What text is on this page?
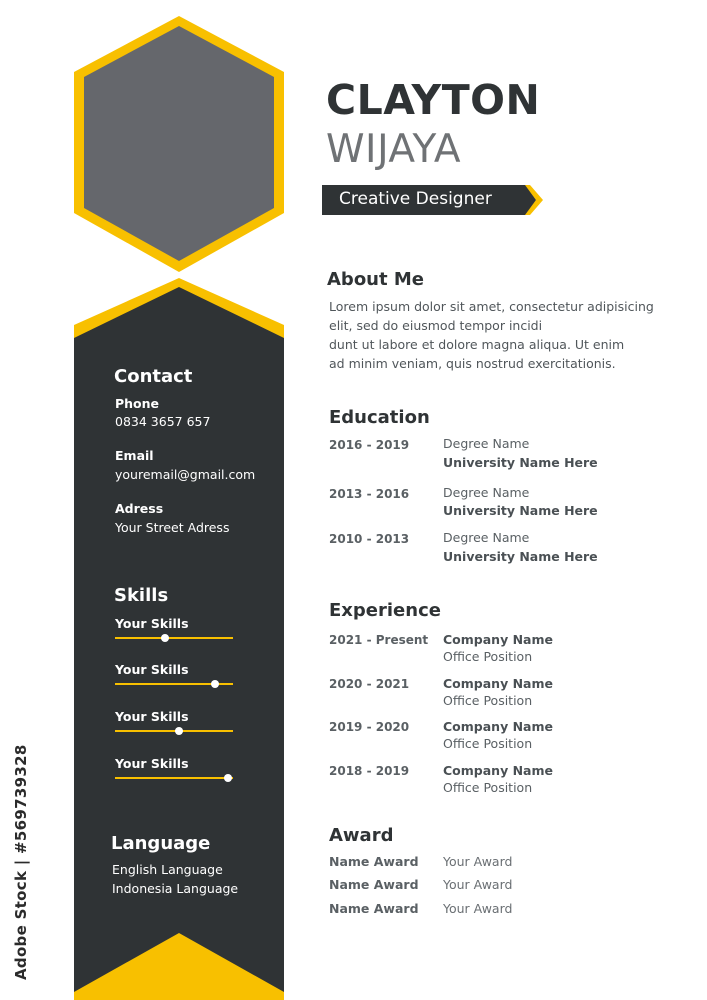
Contact
Phone
0834 3657 657
Email
youremail@gmail.com
Adress
Your Street Adress
Skills
Your Skills
Your Skills
Your Skills
Your Skills
Language
English Language
Indonesia Language
CLAYTON
WIJAYA
Creative Designer
About Me
Lorem ipsum dolor sit amet, consectetur adipisicing
elit, sed do eiusmod tempor incidi
dunt ut labore et dolore magna aliqua. Ut enim
ad minim veniam, quis nostrud exercitationis.
Education
2016 - 2019	Degree Name
University Name Here
2013 - 2016	Degree Name
University Name Here
2010 - 2013	Degree Name
University Name Here
Experience
2021 - Present Company Name
Office Position
2020 - 2021	Company Name
Office Position
2019 - 2020	Company Name
Office Position
2018 - 2019	Company Name
Office Position
Award
Name Award Your Award
Name Award Your Award
Name Award Your Award
Adobe Stock | #569739328
